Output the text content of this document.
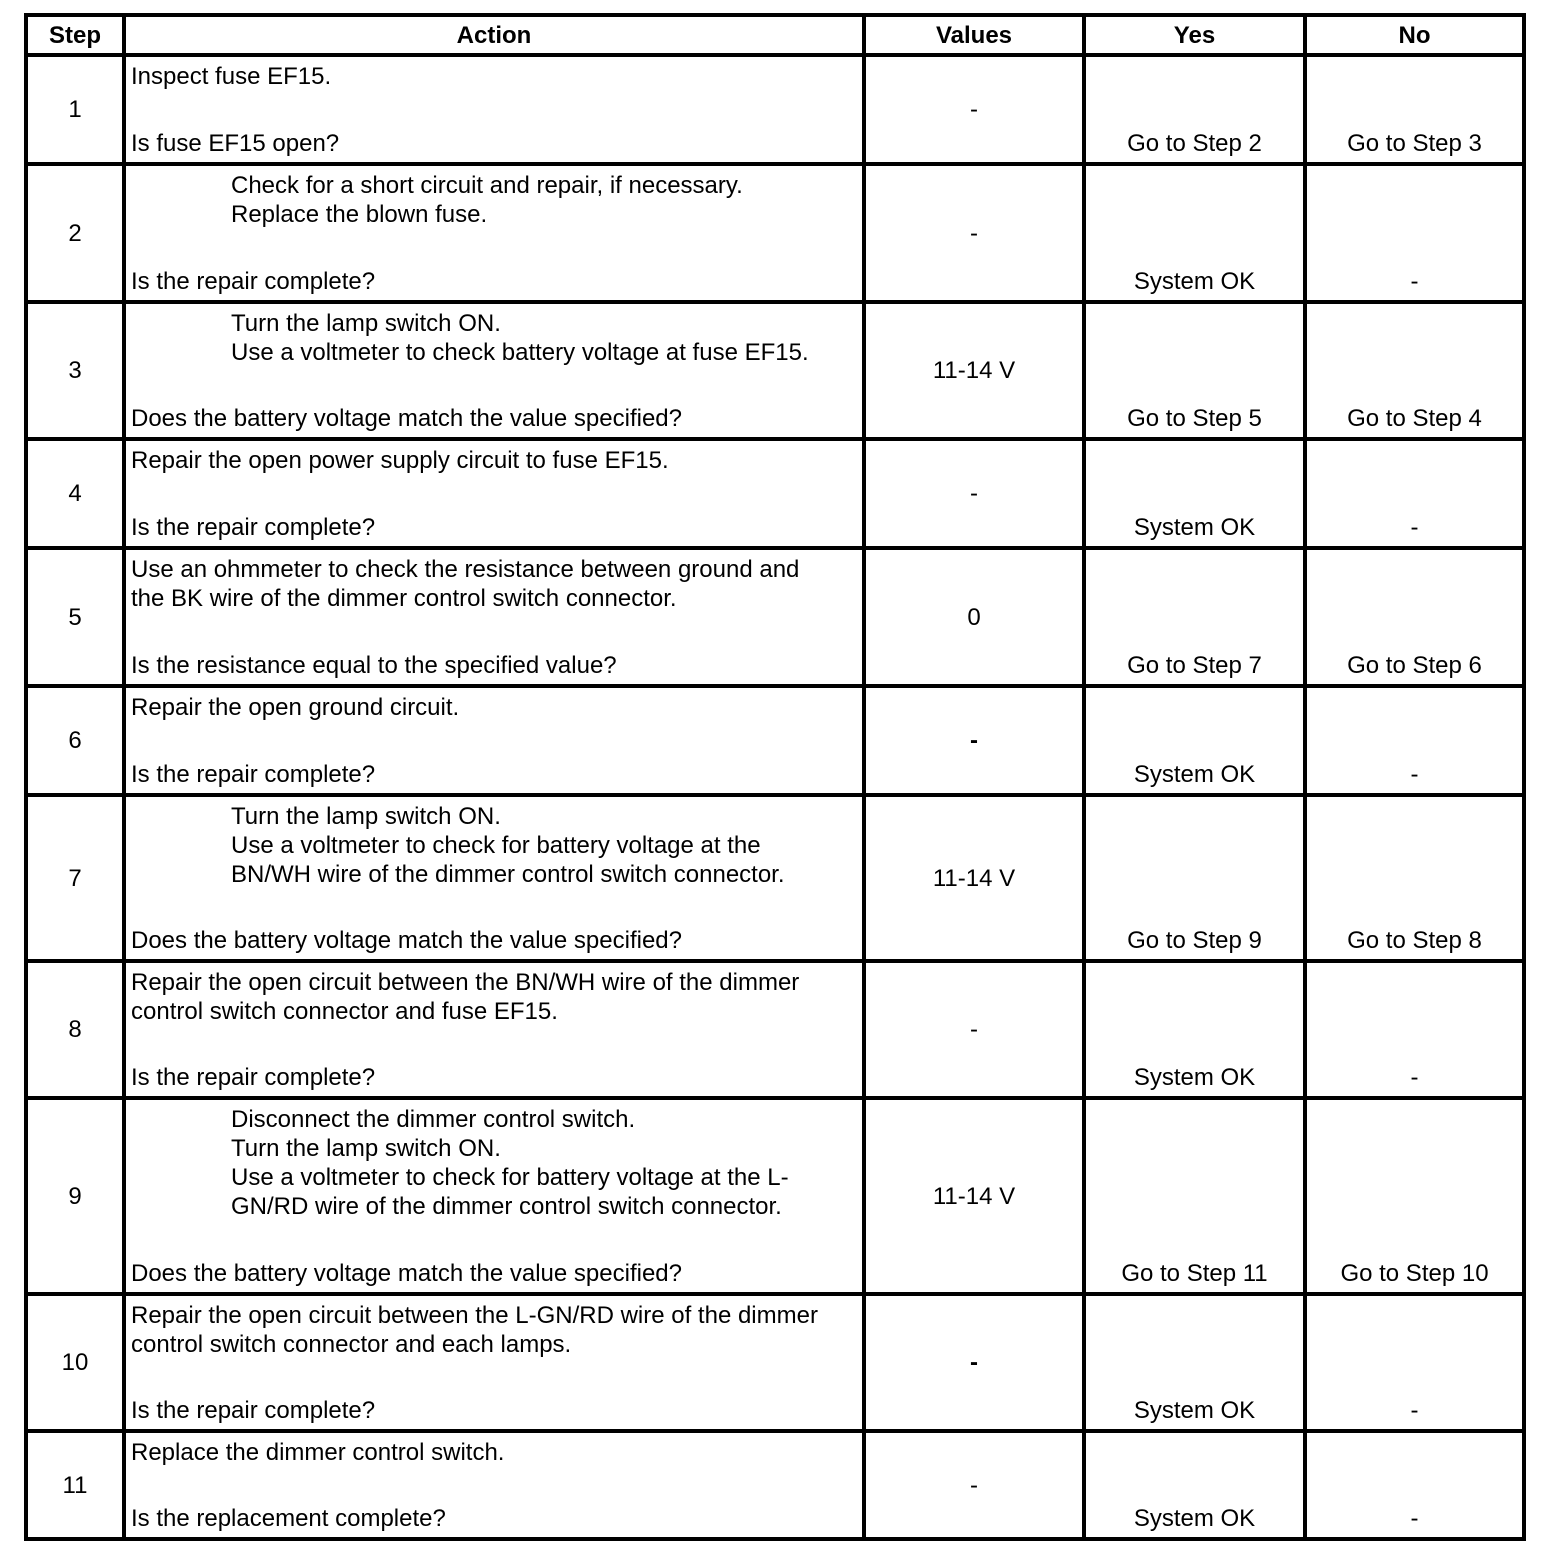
Step	Action	Values	Yes	No
1
Inspect fuse EF15.
Is fuse EF15 open?
-
Go to Step 2	Go to Step 3
2
Check for a short circuit and repair, if necessary.
Replace the blown fuse.
Is the repair complete?
-
System OK	-
3
Turn the lamp switch ON.
Use a voltmeter to check battery voltage at fuse EF15.
Does the battery voltage match the value specified?
11-14 V
Go to Step 5	Go to Step 4
4
Repair the open power supply circuit to fuse EF15.
Is the repair complete?
-
System OK	-
5
Use an ohmmeter to check the resistance between ground and
the BK wire of the dimmer control switch connector.
Is the resistance equal to the specified value?
0
Go to Step 7	Go to Step 6
6
Repair the open ground circuit.
Is the repair complete?
-
System OK	-
7
Turn the lamp switch ON.
Use a voltmeter to check for battery voltage at the
BN/WH wire of the dimmer control switch connector.
Does the battery voltage match the value specified?
11-14 V
Go to Step 9	Go to Step 8
8
Repair the open circuit between the BN/WH wire of the dimmer
control switch connector and fuse EF15.
Is the repair complete?
-
System OK	-
9
Disconnect the dimmer control switch.
Turn the lamp switch ON.
Use a voltmeter to check for battery voltage at the L-
GN/RD wire of the dimmer control switch connector.
Does the battery voltage match the value specified?
11-14 V
Go to Step 11	Go to Step 10
10
Repair the open circuit between the L-GN/RD wire of the dimmer
control switch connector and each lamps.
Is the repair complete?
-
System OK	-
11
Replace the dimmer control switch.
Is the replacement complete?
-
System OK	-
